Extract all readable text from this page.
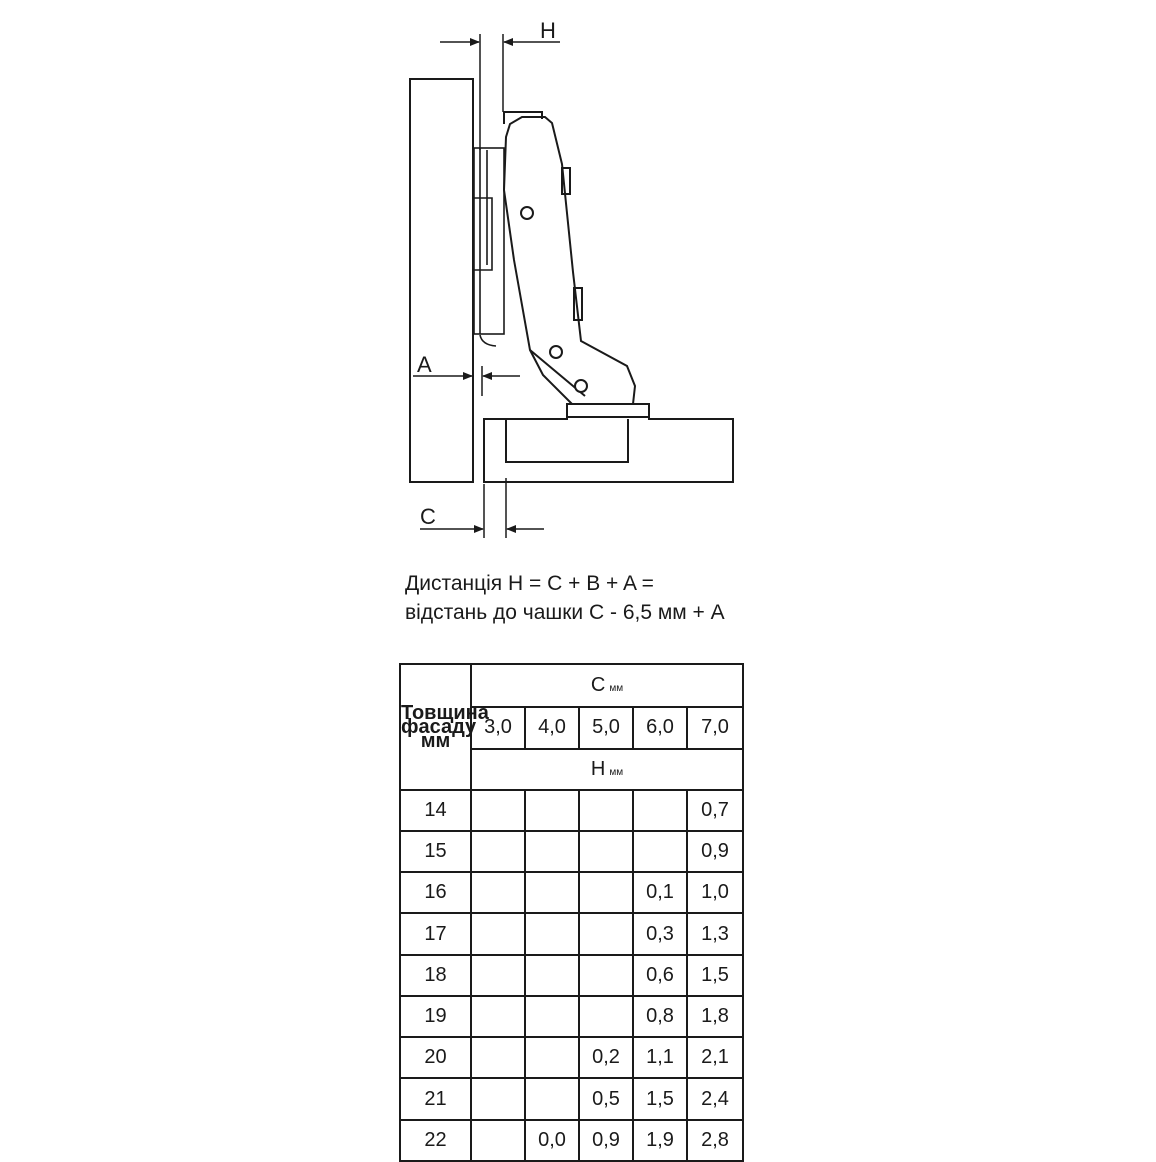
H
A
C
Дистанція H = C + B + A =
відстань до чашки C - 6,5 мм + A
Товщина фасаду мм	C мм				
	3,0	4,0	5,0	6,0	7,0
	H мм				
14					0,7
15					0,9
16				0,1	1,0
17				0,3	1,3
18				0,6	1,5
19				0,8	1,8
20			0,2	1,1	2,1
21			0,5	1,5	2,4
22		0,0	0,9	1,9	2,8
